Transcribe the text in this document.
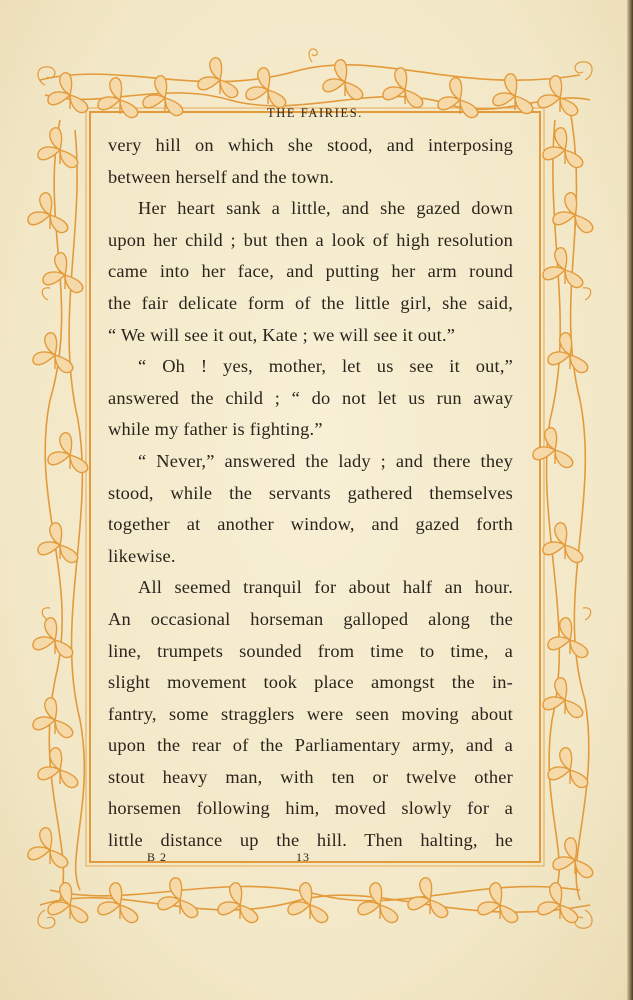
THE FAIRIES.
very hill on which she stood, and interposing
between herself and the town.
Her heart sank a little, and she gazed down
upon her child ; but then a look of high resolution
came into her face, and putting her arm round
the fair delicate form of the little girl, she said,
“ We will see it out, Kate ; we will see it out.”
“ Oh ! yes, mother, let us see it out,”
answered the child ; “ do not let us run away
while my father is fighting.”
“ Never,” answered the lady ; and there they
stood, while the servants gathered themselves
together at another window, and gazed forth
likewise.
All seemed tranquil for about half an hour.
An occasional horseman galloped along the
line, trumpets sounded from time to time, a
slight movement took place amongst the in-
fantry, some stragglers were seen moving about
upon the rear of the Parliamentary army, and a
stout heavy man, with ten or twelve other
horsemen following him, moved slowly for a
little distance up the hill. Then halting, he
B 2	13
